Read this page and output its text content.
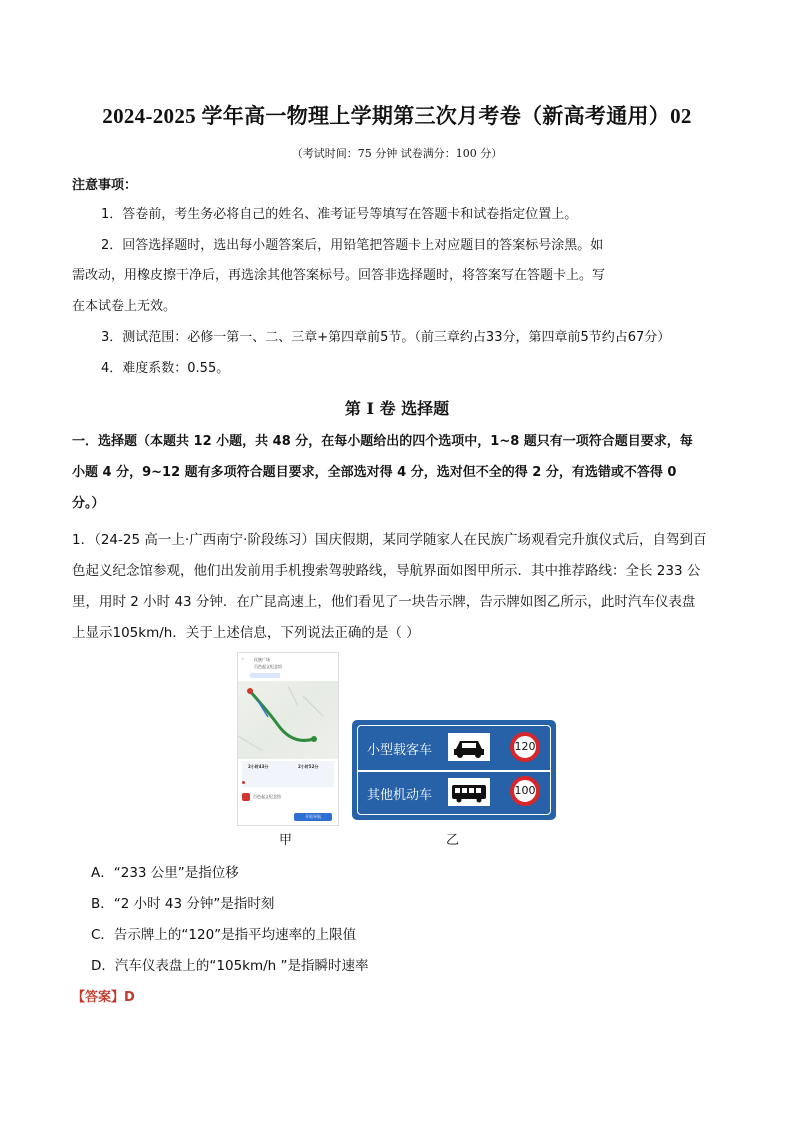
2024-2025 学年高一物理上学期第三次月考卷（新高考通用）02
（考试时间：75 分钟 试卷满分：100 分）
注意事项：
1．答卷前，考生务必将自己的姓名、准考证号等填写在答题卡和试卷指定位置上。
2．回答选择题时，选出每小题答案后，用铅笔把答题卡上对应题目的答案标号涂黑。如
需改动，用橡皮擦干净后，再选涂其他答案标号。回答非选择题时，将答案写在答题卡上。写
在本试卷上无效。
3．测试范围：必修一第一、二、三章+第四章前5节。（前三章约占33分，第四章前5节约占67分）
4．难度系数：0.55。
第 I 卷 选择题
一．选择题（本题共 12 小题，共 48 分，在每小题给出的四个选项中，1~8 题只有一项符合题目要求，每
小题 4 分，9~12 题有多项符合题目要求，全部选对得 4 分，选对但不全的得 2 分，有选错或不答得 0
分。）
1．（24-25 高一上·广西南宁·阶段练习）国庆假期，某同学随家人在民族广场观看完升旗仪式后，自驾到百
色起义纪念馆参观，他们出发前用手机搜索驾驶路线，导航界面如图甲所示．其中推荐路线：全长 233 公
里，用时 2 小时 43 分钟．在广昆高速上，他们看见了一块告示牌，告示牌如图乙所示，此时汽车仪表盘
上显示105km/h．关于上述信息，下列说法正确的是（ ）
‹	民族广场
百色起义纪念馆
2小时43分	2小时52分
百色起义纪念馆
开始导航
甲
小型载客车	120
其他机动车	100
乙
A．“233 公里”是指位移
B．“2 小时 43 分钟”是指时刻
C．告示牌上的“120”是指平均速率的上限值
D．汽车仪表盘上的“105km/h ”是指瞬时速率
【答案】D
